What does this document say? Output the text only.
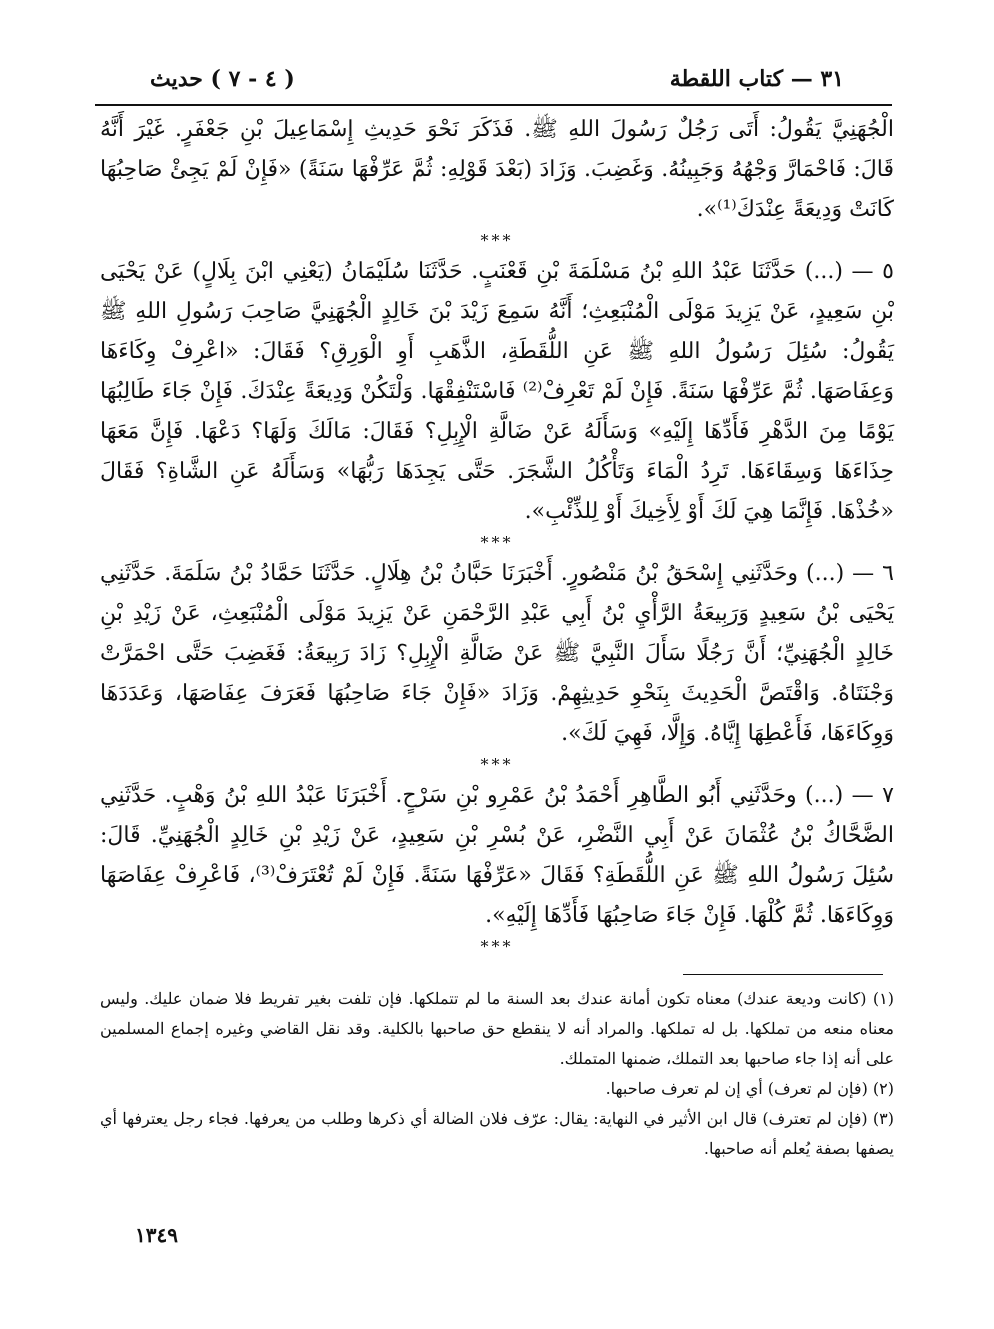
٣١ — كتاب اللقطة
( ٤ - ٧ ) حديث

الْجُهَنِيَّ يَقُولُ: أَتَى رَجُلٌ رَسُولَ اللهِ ﷺ. فَذَكَرَ نَحْوَ حَدِيثِ إِسْمَاعِيلَ بْنِ جَعْفَرٍ. غَيْرَ أَنَّهُ قَالَ: فَاحْمَارَّ وَجْهُهُ وَجَبِينُهُ. وَغَضِبَ. وَزَادَ (بَعْدَ قَوْلِهِ: ثُمَّ عَرِّفْهَا سَنَةً) «فَإِنْ لَمْ يَجِئْ صَاحِبُهَا كَانَتْ وَدِيعَةً عِنْدَكَ⁽¹⁾».

***

٥ — (...) حَدَّثَنَا عَبْدُ اللهِ بْنُ مَسْلَمَةَ بْنِ قَعْنَبٍ. حَدَّثَنَا سُلَيْمَانُ (يَعْنِي ابْنَ بِلَالٍ) عَنْ يَحْيَى بْنِ سَعِيدٍ، عَنْ يَزِيدَ مَوْلَى الْمُنْبَعِثِ؛ أَنَّهُ سَمِعَ زَيْدَ بْنَ خَالِدٍ الْجُهَنِيَّ صَاحِبَ رَسُولِ اللهِ ﷺ يَقُولُ: سُئِلَ رَسُولُ اللهِ ﷺ عَنِ اللُّقَطَةِ، الذَّهَبِ أَوِ الْوَرِقِ؟ فَقَالَ: «اعْرِفْ وِكَاءَهَا وَعِفَاصَهَا. ثُمَّ عَرِّفْهَا سَنَةً. فَإِنْ لَمْ تَعْرِفْ⁽²⁾ فَاسْتَنْفِقْهَا. وَلْتَكُنْ وَدِيعَةً عِنْدَكَ. فَإِنْ جَاءَ طَالِبُهَا يَوْمًا مِنَ الدَّهْرِ فَأَدِّهَا إِلَيْهِ» وَسَأَلَهُ عَنْ ضَالَّةِ الْإِبِلِ؟ فَقَالَ: مَالَكَ وَلَهَا؟ دَعْهَا. فَإِنَّ مَعَهَا حِذَاءَهَا وَسِقَاءَهَا. تَرِدُ الْمَاءَ وَتَأْكُلُ الشَّجَرَ. حَتَّى يَجِدَهَا رَبُّهَا» وَسَأَلَهُ عَنِ الشَّاةِ؟ فَقَالَ «خُذْهَا. فَإِنَّمَا هِيَ لَكَ أَوْ لِأَخِيكَ أَوْ لِلذِّئْبِ».

***

٦ — (...) وحَدَّثَنِي إِسْحَقُ بْنُ مَنْصُورٍ. أَخْبَرَنَا حَبَّانُ بْنُ هِلَالٍ. حَدَّثَنَا حَمَّادُ بْنُ سَلَمَةَ. حَدَّثَنِي يَحْيَى بْنُ سَعِيدٍ وَرَبِيعَةُ الرَّأْيِ بْنُ أَبِي عَبْدِ الرَّحْمَنِ عَنْ يَزِيدَ مَوْلَى الْمُنْبَعِثِ، عَنْ زَيْدِ بْنِ خَالِدٍ الْجُهَنِيِّ؛ أَنَّ رَجُلًا سَأَلَ النَّبِيَّ ﷺ عَنْ ضَالَّةِ الْإِبِلِ؟ زَادَ رَبِيعَةُ: فَغَضِبَ حَتَّى احْمَرَّتْ وَجْنَتَاهُ. وَاقْتَصَّ الْحَدِيثَ بِنَحْوِ حَدِيثِهِمْ. وَزَادَ «فَإِنْ جَاءَ صَاحِبُهَا فَعَرَفَ عِفَاصَهَا، وَعَدَدَهَا وَوِكَاءَهَا، فَأَعْطِهَا إِيَّاهُ. وَإِلَّا، فَهِيَ لَكَ».

***

٧ — (...) وحَدَّثَنِي أَبُو الطَّاهِرِ أَحْمَدُ بْنُ عَمْرِو بْنِ سَرْحٍ. أَخْبَرَنَا عَبْدُ اللهِ بْنُ وَهْبٍ. حَدَّثَنِي الضَّحَّاكُ بْنُ عُثْمَانَ عَنْ أَبِي النَّضْرِ، عَنْ بُسْرِ بْنِ سَعِيدٍ، عَنْ زَيْدِ بْنِ خَالِدٍ الْجُهَنِيِّ. قَالَ: سُئِلَ رَسُولُ اللهِ ﷺ عَنِ اللُّقَطَةِ؟ فَقَالَ «عَرِّفْهَا سَنَةً. فَإِنْ لَمْ تُعْتَرَفْ⁽³⁾، فَاعْرِفْ عِفَاصَهَا وَوِكَاءَهَا. ثُمَّ كُلْهَا. فَإِنْ جَاءَ صَاحِبُهَا فَأَدِّهَا إِلَيْهِ».

***

(١) (كانت وديعة عندك) معناه تكون أمانة عندك بعد السنة ما لم تتملكها. فإن تلفت بغير تفريط فلا ضمان عليك. وليس معناه منعه من تملكها. بل له تملكها. والمراد أنه لا ينقطع حق صاحبها بالكلية. وقد نقل القاضي وغيره إجماع المسلمين على أنه إذا جاء صاحبها بعد التملك، ضمنها المتملك.

(٢) (فإن لم تعرف) أي إن لم تعرف صاحبها.

(٣) (فإن لم تعترف) قال ابن الأثير في النهاية: يقال: عرّف فلان الضالة أي ذكرها وطلب من يعرفها. فجاء رجل يعترفها أي يصفها بصفة يُعلم أنه صاحبها.

١٣٤٩
